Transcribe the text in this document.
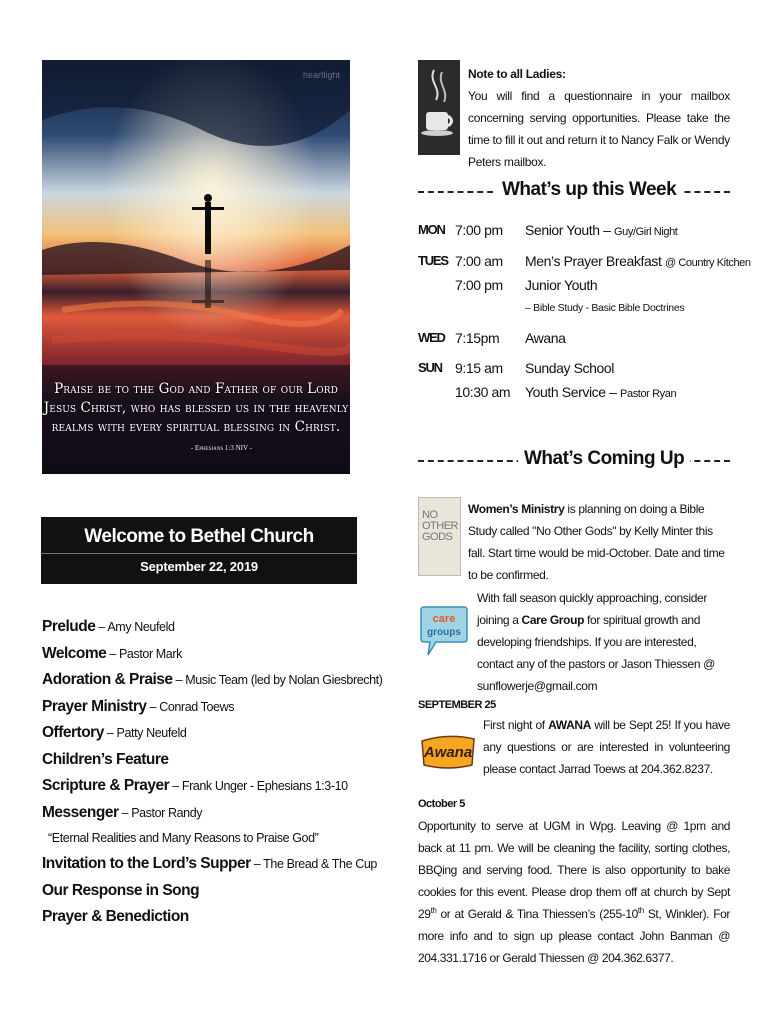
heartlight
Praise be to the God and Father of our Lord
Jesus Christ, who has blessed us in the heavenly
realms with every spiritual blessing in Christ.
- Ephesians 1:3 NIV -
Welcome to Bethel Church
September 22, 2019
Prelude – Amy Neufeld
Welcome – Pastor Mark
Adoration & Praise – Music Team (led by Nolan Giesbrecht)
Prayer Ministry – Conrad Toews
Offertory – Patty Neufeld
Children’s Feature
Scripture & Prayer – Frank Unger - Ephesians 1:3-10
Messenger – Pastor Randy
“Eternal Realities and Many Reasons to Praise God”
Invitation to the Lord’s Supper – The Bread & The Cup
Our Response in Song
Prayer & Benediction
Note to all Ladies:
You will find a questionnaire in your mailbox concerning serving opportunities. Please take the time to fill it out and return it to Nancy Falk or Wendy Peters mailbox.
What’s up this Week
MON 7:00 pm Senior Youth – Guy/Girl Night
TUES 7:00 am Men’s Prayer Breakfast @ Country Kitchen
7:00 pm Junior Youth
– Bible Study - Basic Bible Doctrines
WED 7:15pm Awana
SUN 9:15 am Sunday School
10:30 am Youth Service – Pastor Ryan
What’s Coming Up
NO OTHER GODS
Women’s Ministry is planning on doing a Bible Study called "No Other Gods" by Kelly Minter this fall. Start time would be mid-October. Date and time to be confirmed.
care
groups
With fall season quickly approaching, consider joining a Care Group for spiritual growth and developing friendships. If you are interested, contact any of the pastors or Jason Thiessen @ sunflowerje@gmail.com
SEPTEMBER 25
Awana
First night of AWANA will be Sept 25! If you have any questions or are interested in volunteering please contact Jarrad Toews at 204.362.8237.
October 5
Opportunity to serve at UGM in Wpg. Leaving @ 1pm and back at 11 pm. We will be cleaning the facility, sorting clothes, BBQing and serving food. There is also opportunity to bake cookies for this event. Please drop them off at church by Sept 29th or at Gerald & Tina Thiessen’s (255-10th St, Winkler). For more info and to sign up please contact John Banman @ 204.331.1716 or Gerald Thiessen @ 204.362.6377.
